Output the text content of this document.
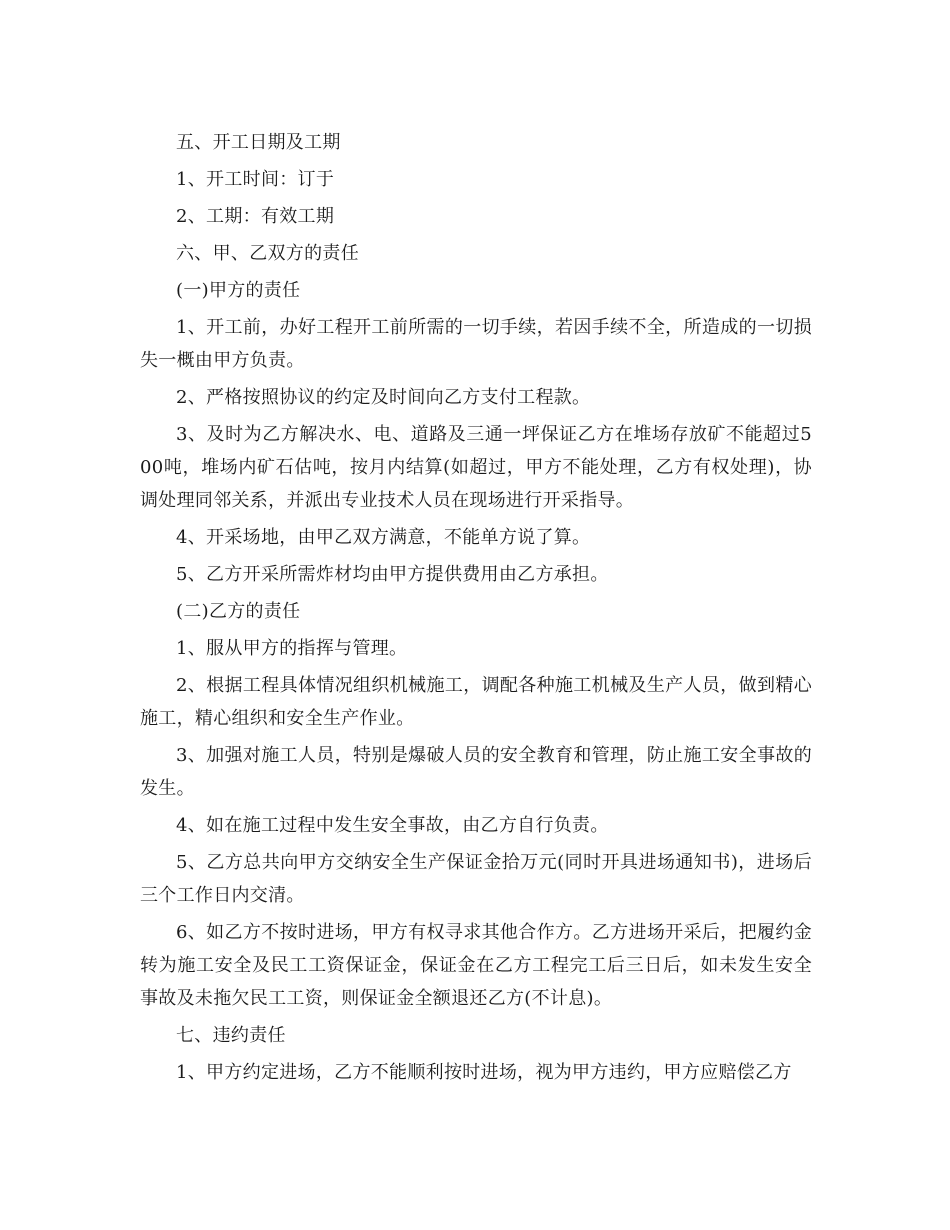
五、开工日期及工期

1、开工时间：订于

2、工期：有效工期

六、甲、乙双方的责任

(一)甲方的责任

1、开工前，办好工程开工前所需的一切手续，若因手续不全，所造成的一切损失一概由甲方负责。

2、严格按照协议的约定及时间向乙方支付工程款。

3、及时为乙方解决水、电、道路及三通一坪保证乙方在堆场存放矿不能超过500吨，堆场内矿石估吨，按月内结算(如超过，甲方不能处理，乙方有权处理)，协调处理同邻关系，并派出专业技术人员在现场进行开采指导。

4、开采场地，由甲乙双方满意，不能单方说了算。

5、乙方开采所需炸材均由甲方提供费用由乙方承担。

(二)乙方的责任

1、服从甲方的指挥与管理。

2、根据工程具体情况组织机械施工，调配各种施工机械及生产人员，做到精心施工，精心组织和安全生产作业。

3、加强对施工人员，特别是爆破人员的安全教育和管理，防止施工安全事故的发生。

4、如在施工过程中发生安全事故，由乙方自行负责。

5、乙方总共向甲方交纳安全生产保证金拾万元(同时开具进场通知书)，进场后三个工作日内交清。

6、如乙方不按时进场，甲方有权寻求其他合作方。乙方进场开采后，把履约金转为施工安全及民工工资保证金，保证金在乙方工程完工后三日后，如未发生安全事故及未拖欠民工工资，则保证金全额退还乙方(不计息)。

七、违约责任

1、甲方约定进场，乙方不能顺利按时进场，视为甲方违约，甲方应赔偿乙方
